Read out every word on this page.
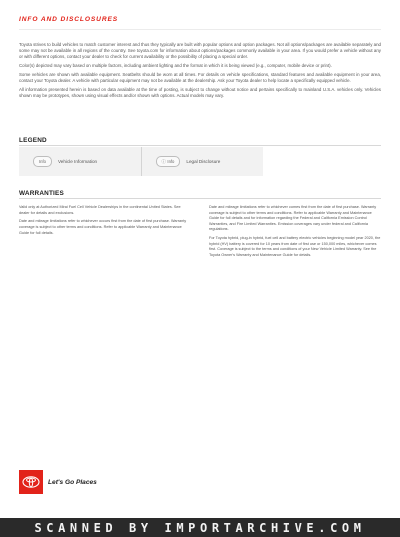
INFO AND DISCLOSURES

Toyota strives to build vehicles to match customer interest and thus they typically are built with popular options and option packages. Not all options/packages are available separately and some may not be available in all regions of the country. See toyota.com for information about options/packages commonly available in your area. If you would prefer a vehicle without any or with different options, contact your dealer to check for current availability or the possibility of placing a special order.

Color(s) depicted may vary based on multiple factors, including ambient lighting and the format in which it is being viewed (e.g., computer, mobile device or print).

Some vehicles are shown with available equipment. Seatbelts should be worn at all times. For details on vehicle specifications, standard features and available equipment in your area, contact your Toyota dealer. A vehicle with particular equipment may not be available at the dealership. Ask your Toyota dealer to help locate a specifically equipped vehicle.

All information presented herein is based on data available at the time of posting, is subject to change without notice and pertains specifically to mainland U.S.A. vehicles only. Vehicles shown may be prototypes, shown using visual effects and/or shown with options. Actual models may vary.

LEGEND
Info	Vehicle Information	ⓘ Info	Legal Disclosure
WARRANTIES

Valid only at Authorized Mirai Fuel Cell Vehicle Dealerships in the continental United States. See dealer for details and exclusions.

Date and mileage limitations refer to whichever occurs first from the date of first purchase. Warranty coverage is subject to other terms and conditions. Refer to applicable Warranty and Maintenance Guide for full details.

Date and mileage limitations refer to whichever comes first from the date of first purchase. Warranty coverage is subject to other terms and conditions. Refer to applicable Warranty and Maintenance Guide for full details and for information regarding the Federal and California Emission Control Warranties, and Fire Limited Warranties. Emission coverages vary under federal and California regulations.

For Toyota hybrid, plug-in hybrid, fuel cell and battery electric vehicles beginning model year 2020, the hybrid (HV) battery is covered for 10 years from date of first use or 150,000 miles, whichever comes first. Coverage is subject to the terms and conditions of your New Vehicle Limited Warranty. See the Toyota Owner's Warranty and Maintenance Guide for details.

Let's Go Places
SCANNED BY IMPORTARCHIVE.COM
